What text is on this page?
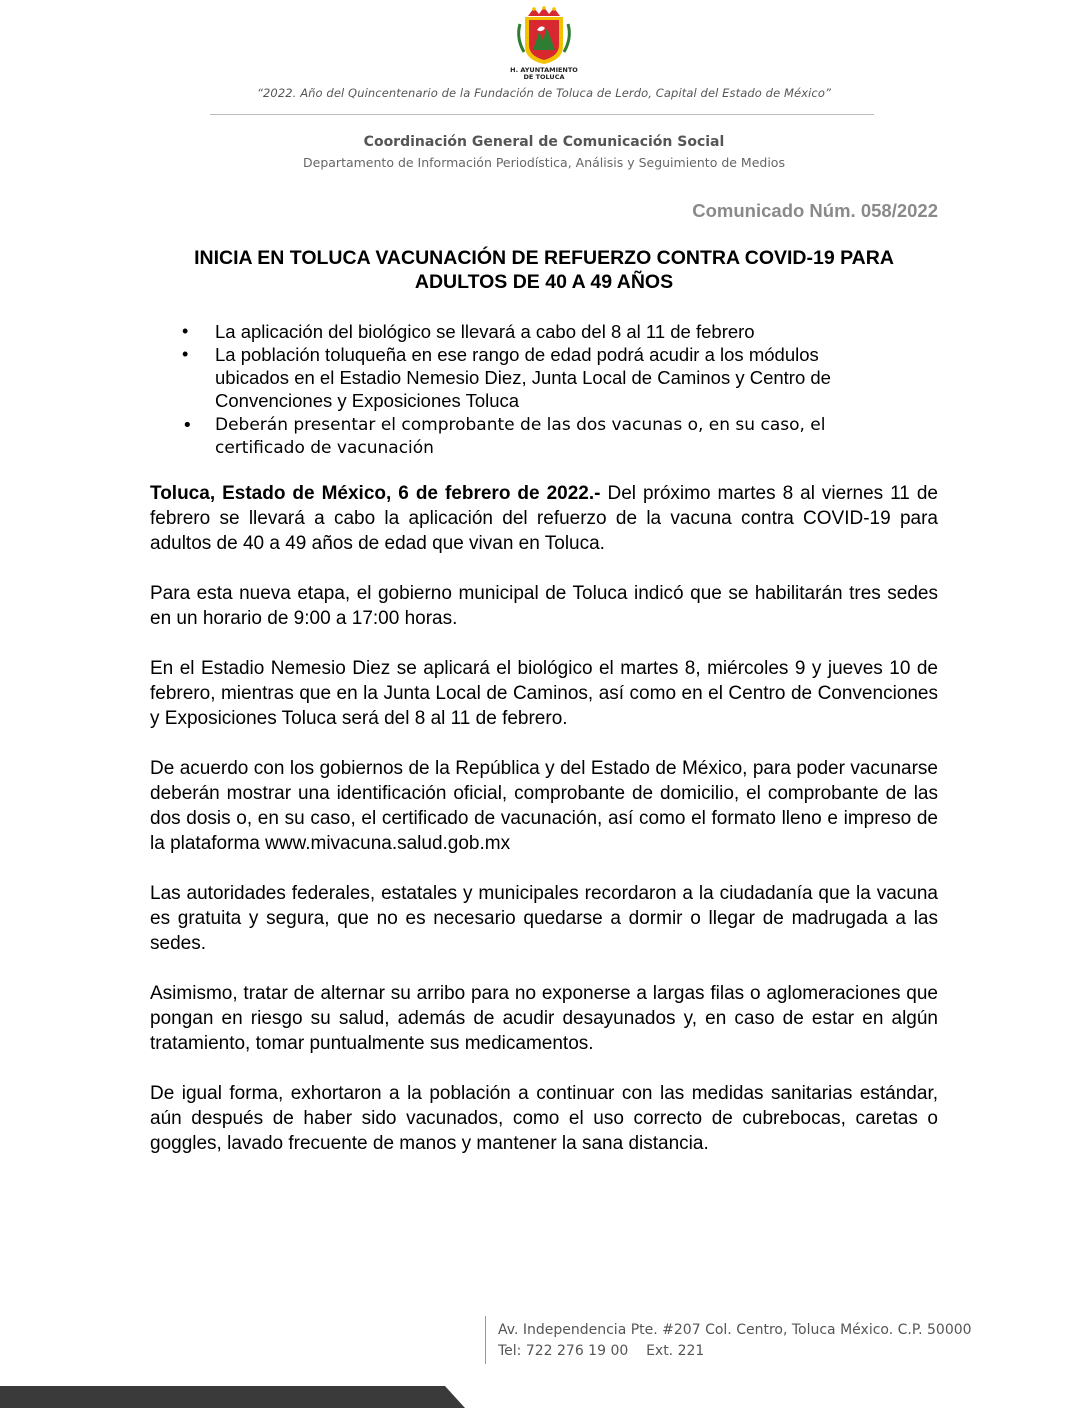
H. AYUNTAMIENTO
DE TOLUCA
“2022. Año del Quincentenario de la Fundación de Toluca de Lerdo, Capital del Estado de México”
Coordinación General de Comunicación Social
Departamento de Información Periodística, Análisis y Seguimiento de Medios
Comunicado Núm. 058/2022
INICIA EN TOLUCA VACUNACIÓN DE REFUERZO CONTRA COVID-19 PARA ADULTOS DE 40 A 49 AÑOS
• La aplicación del biológico se llevará a cabo del 8 al 11 de febrero
• La población toluqueña en ese rango de edad podrá acudir a los módulos ubicados en el Estadio Nemesio Diez, Junta Local de Caminos y Centro de Convenciones y Exposiciones Toluca
• Deberán presentar el comprobante de las dos vacunas o, en su caso, el certificado de vacunación

Toluca, Estado de México, 6 de febrero de 2022.- Del próximo martes 8 al viernes 11 de febrero se llevará a cabo la aplicación del refuerzo de la vacuna contra COVID-19 para adultos de 40 a 49 años de edad que vivan en Toluca.

Para esta nueva etapa, el gobierno municipal de Toluca indicó que se habilitarán tres sedes en un horario de 9:00 a 17:00 horas.

En el Estadio Nemesio Diez se aplicará el biológico el martes 8, miércoles 9 y jueves 10 de febrero, mientras que en la Junta Local de Caminos, así como en el Centro de Convenciones y Exposiciones Toluca será del 8 al 11 de febrero.

De acuerdo con los gobiernos de la República y del Estado de México, para poder vacunarse deberán mostrar una identificación oficial, comprobante de domicilio, el comprobante de las dos dosis o, en su caso, el certificado de vacunación, así como el formato lleno e impreso de la plataforma www.mivacuna.salud.gob.mx

Las autoridades federales, estatales y municipales recordaron a la ciudadanía que la vacuna es gratuita y segura, que no es necesario quedarse a dormir o llegar de madrugada a las sedes.

Asimismo, tratar de alternar su arribo para no exponerse a largas filas o aglomeraciones que pongan en riesgo su salud, además de acudir desayunados y, en caso de estar en algún tratamiento, tomar puntualmente sus medicamentos.

De igual forma, exhortaron a la población a continuar con las medidas sanitarias estándar, aún después de haber sido vacunados, como el uso correcto de cubrebocas, caretas o goggles, lavado frecuente de manos y mantener la sana distancia.

Av. Independencia Pte. #207 Col. Centro, Toluca México. C.P. 50000
Tel: 722 276 19 00    Ext. 221
